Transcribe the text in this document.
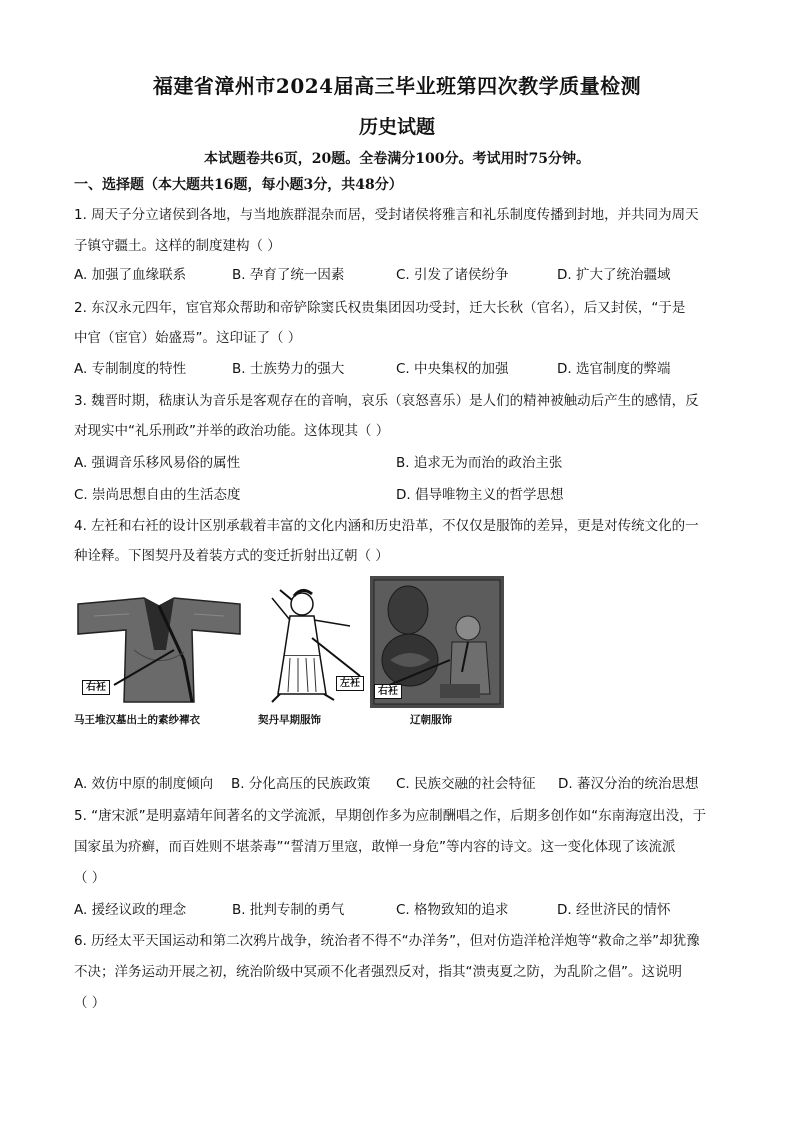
福建省漳州市2024届高三毕业班第四次教学质量检测
历史试题
本试题卷共6页，20题。全卷满分100分。考试用时75分钟。
一、选择题（本大题共16题，每小题3分，共48分）
1. 周天子分立诸侯到各地，与当地族群混杂而居，受封诸侯将雅言和礼乐制度传播到封地，并共同为周天
子镇守疆土。这样的制度建构（ ）
A. 加强了血缘联系	B. 孕育了统一因素	C. 引发了诸侯纷争	D. 扩大了统治疆域
2. 东汉永元四年，宦官郑众帮助和帝铲除窦氏权贵集团因功受封，迁大长秋（官名），后又封侯，“于是
中官（宦官）始盛焉”。这印证了（ ）
A. 专制制度的特性	B. 士族势力的强大	C. 中央集权的加强	D. 选官制度的弊端
3. 魏晋时期，嵇康认为音乐是客观存在的音响，哀乐（哀怒喜乐）是人们的精神被触动后产生的感情，反
对现实中“礼乐刑政”并举的政治功能。这体现其（ ）
A. 强调音乐移风易俗的属性	B. 追求无为而治的政治主张
C. 崇尚思想自由的生活态度	D. 倡导唯物主义的哲学思想
4. 左衽和右衽的设计区别承载着丰富的文化内涵和历史沿革，不仅仅是服饰的差异，更是对传统文化的一
种诠释。下图契丹及着装方式的变迁折射出辽朝（ ）
右衽	左衽
右衽
马王堆汉墓出土的素纱襌衣	契丹早期服饰	辽朝服饰
A. 效仿中原的制度倾向 B. 分化高压的民族政策 C. 民族交融的社会特征 D. 蕃汉分治的统治思想
5. “唐宋派”是明嘉靖年间著名的文学流派，早期创作多为应制酬唱之作，后期多创作如“东南海寇出没，于
国家虽为疥癣，而百姓则不堪荼毒”“誓清万里寇，敢惮一身危”等内容的诗文。这一变化体现了该流派
（ ）
A. 援经议政的理念	B. 批判专制的勇气	C. 格物致知的追求	D. 经世济民的情怀
6. 历经太平天国运动和第二次鸦片战争，统治者不得不“办洋务”，但对仿造洋枪洋炮等“救命之举”却犹豫
不决；洋务运动开展之初，统治阶级中冥顽不化者强烈反对，指其“溃夷夏之防，为乱阶之倡”。这说明
（ ）
